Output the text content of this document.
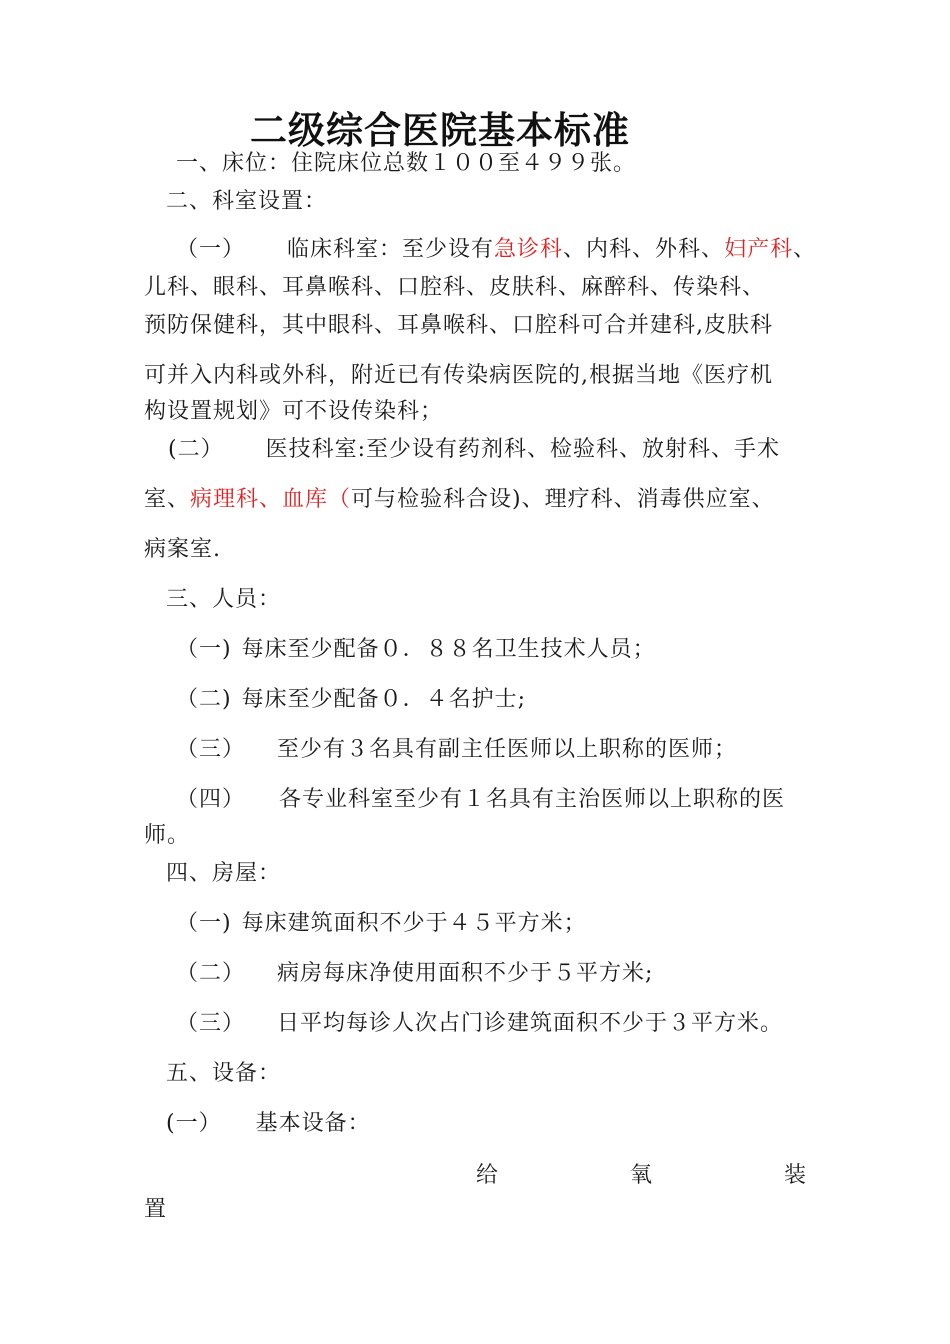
二级综合医院基本标准
一、床位：住院床位总数１００至４９９张。
二、科室设置：
（一） 临床科室：至少设有急诊科、内科、外科、妇产科、
儿科、眼科、耳鼻喉科、口腔科、皮肤科、麻醉科、传染科、
预防保健科，其中眼科、耳鼻喉科、口腔科可合并建科,皮肤科
可并入内科或外科，附近已有传染病医院的,根据当地《医疗机
构设置规划》可不设传染科；
(二） 医技科室:至少设有药剂科、检验科、放射科、手术
室、病理科、血库（可与检验科合设)、理疗科、消毒供应室、
病案室.
三、人员：
（一) 每床至少配备０．８８名卫生技术人员；
（二) 每床至少配备０．４名护士;
（三） 至少有３名具有副主任医师以上职称的医师；
（四） 各专业科室至少有１名具有主治医师以上职称的医
师。
四、房屋：
（一) 每床建筑面积不少于４５平方米；
（二） 病房每床净使用面积不少于５平方米;
（三） 日平均每诊人次占门诊建筑面积不少于３平方米。
五、设备：
(一） 基本设备：
给	氧	装
置
